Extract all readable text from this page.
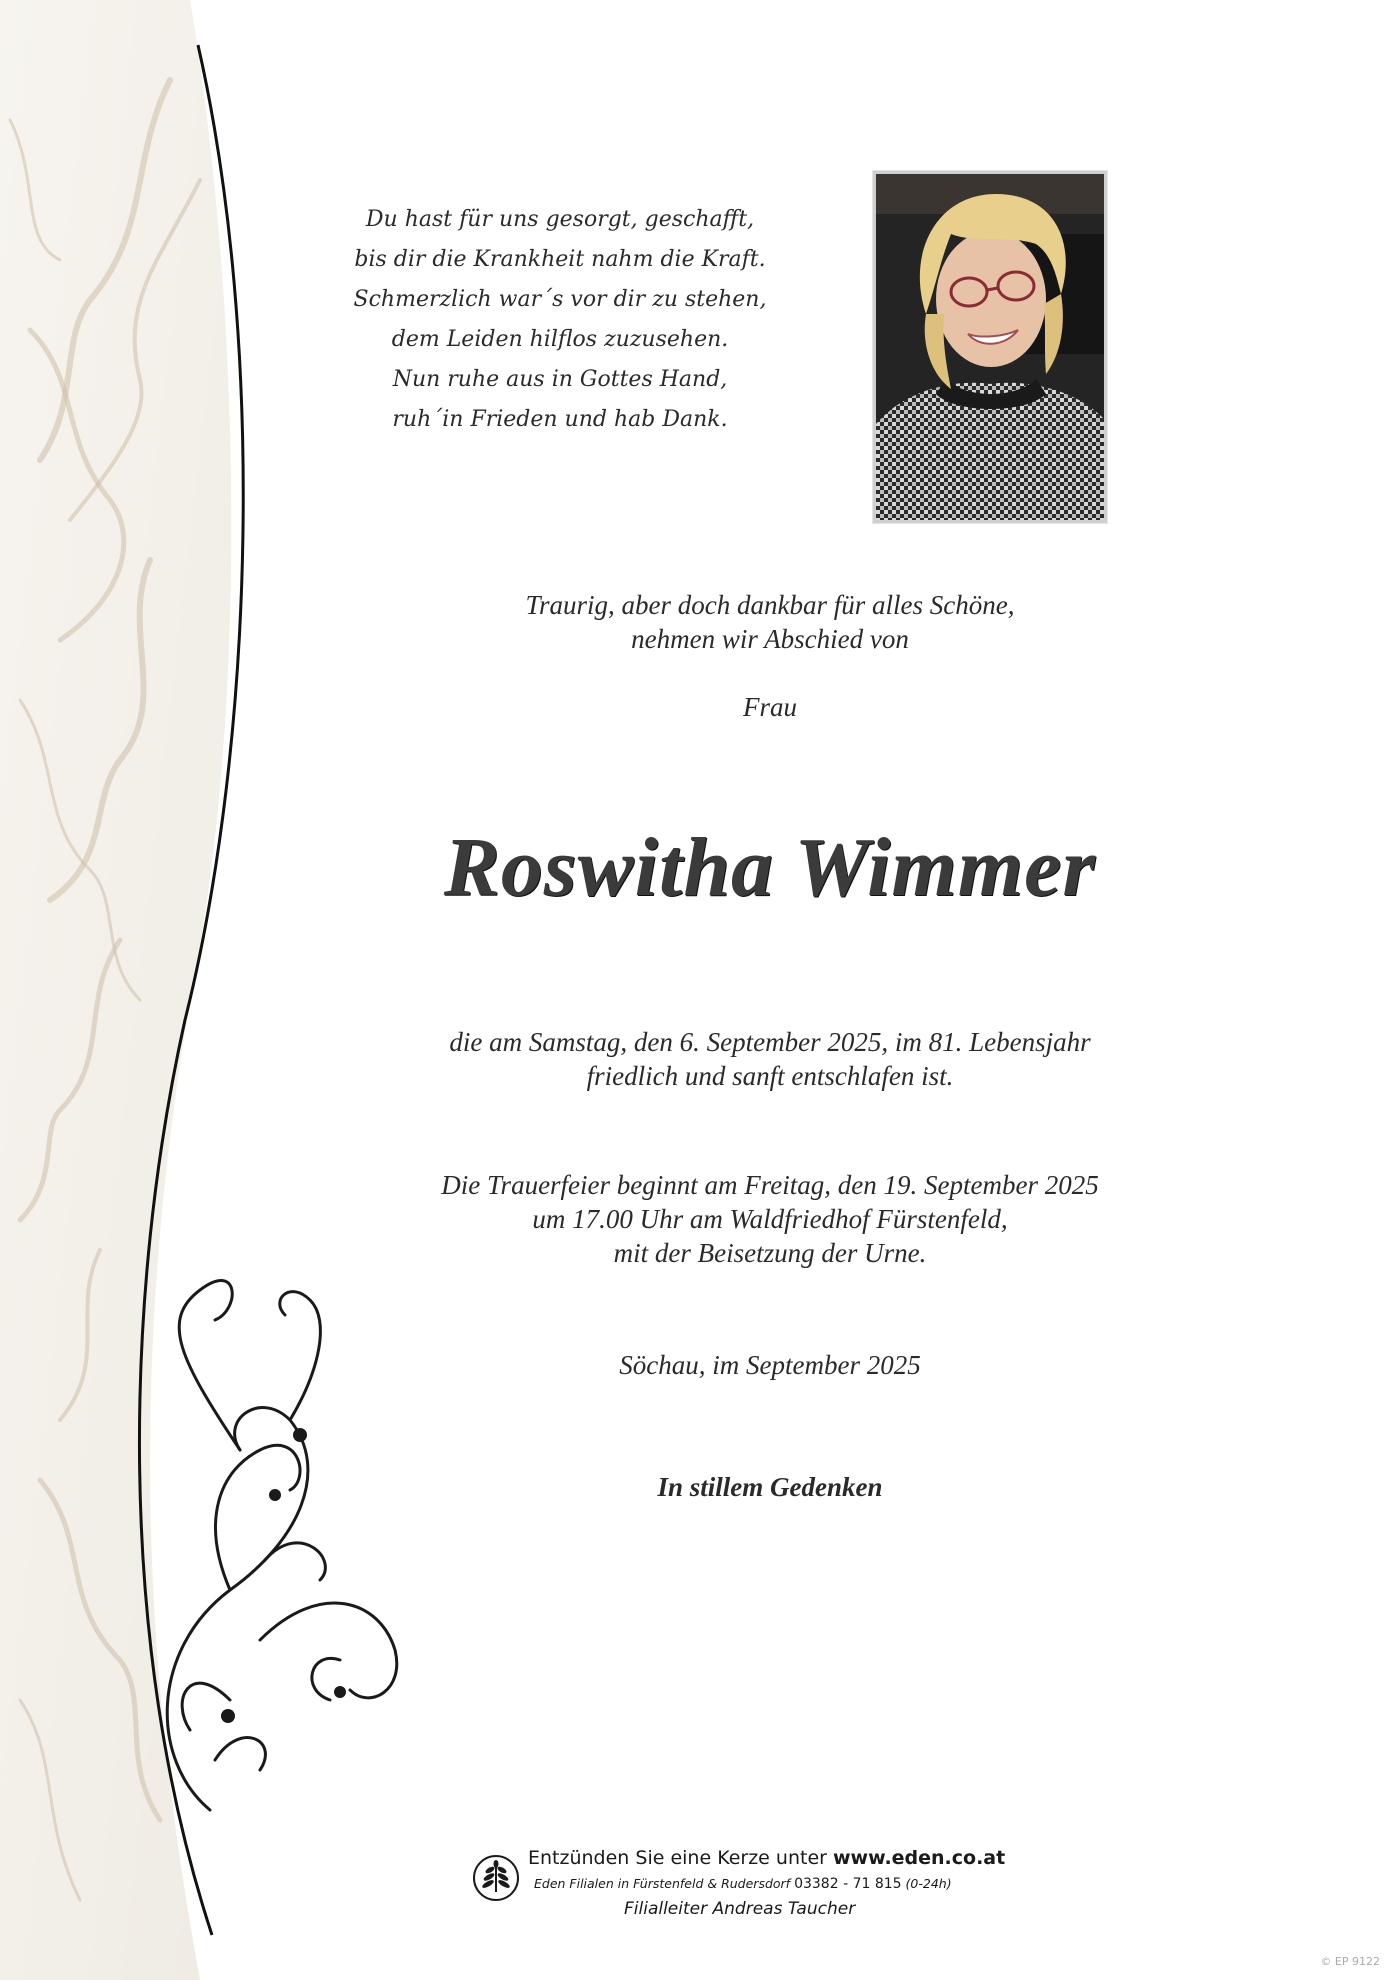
Du hast für uns gesorgt, geschafft,
bis dir die Krankheit nahm die Kraft.
Schmerzlich war´s vor dir zu stehen,
dem Leiden hilflos zuzusehen.
Nun ruhe aus in Gottes Hand,
ruh´in Frieden und hab Dank.
Traurig, aber doch dankbar für alles Schöne,
nehmen wir Abschied von
Frau
Roswitha Wimmer
die am Samstag, den 6. September 2025, im 81. Lebensjahr
friedlich und sanft entschlafen ist.
Die Trauerfeier beginnt am Freitag, den 19. September 2025
um 17.00 Uhr am Waldfriedhof Fürstenfeld,
mit der Beisetzung der Urne.
Söchau, im September 2025
In stillem Gedenken
Entzünden Sie eine Kerze unter www.eden.co.at
Eden Filialen in Fürstenfeld & Rudersdorf 03382 - 71 815 (0-24h)
Filialleiter Andreas Taucher
© EP 9122
